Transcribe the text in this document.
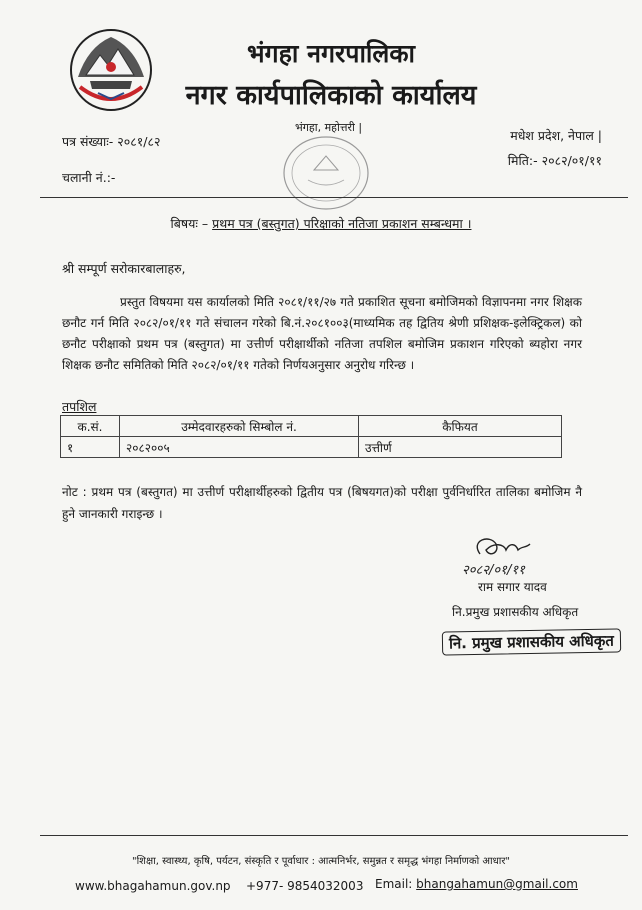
भंगहा नगरपालिका
नगर कार्यपालिकाको कार्यालय
भंगहा, महोत्तरी |
मधेश प्रदेश, नेपाल |
पत्र संख्याः- २०८१/८२
मिति:- २०८२/०१/११
चलानी नं.:-
बिषयः – प्रथम पत्र (बस्तुगत) परिक्षाको नतिजा प्रकाशन सम्बन्धमा ।
श्री सम्पूर्ण सरोकारबालाहरु,
प्रस्तुत विषयमा यस कार्यालको मिति २०८१/११/२७ गते प्रकाशित सूचना बमोजिमको विज्ञापनमा नगर शिक्षक छनौट गर्न मिति २०८२/०१/११ गते संचालन गरेको बि.नं.२०८१००३(माध्यमिक तह द्वितिय श्रेणी प्रशिक्षक-इलेक्ट्रिकल) को छनौट परीक्षाको प्रथम पत्र (बस्तुगत) मा उत्तीर्ण परीक्षार्थीको नतिजा तपशिल बमोजिम प्रकाशन गरिएको ब्यहोरा नगर शिक्षक छनौट समितिको मिति २०८२/०१/११ गतेको निर्णयअनुसार अनुरोध गरिन्छ ।
तपशिल
क.सं.	उम्मेदवारहरुको सिम्बोल नं.	कैफियत
१	२०८२००५	उत्तीर्ण
नोट : प्रथम पत्र (बस्तुगत) मा उत्तीर्ण परीक्षार्थीहरुको द्वितीय पत्र (बिषयगत)को परीक्षा पुर्वनिर्धारित तालिका बमोजिम नै हुने जानकारी गराइन्छ ।
२०८२/०१/११
राम सगार यादव
नि.प्रमुख प्रशासकीय अधिकृत
नि. प्रमुख प्रशासकीय अधिकृत
"शिक्षा, स्वास्थ्य, कृषि, पर्यटन, संस्कृति र पूर्वाधार : आत्मनिर्भर, समुन्नत र समृद्ध भंगहा निर्माणको आधार"
www.bhagahamun.gov.np +977- 9854032003 Email: bhangahamun@gmail.com
